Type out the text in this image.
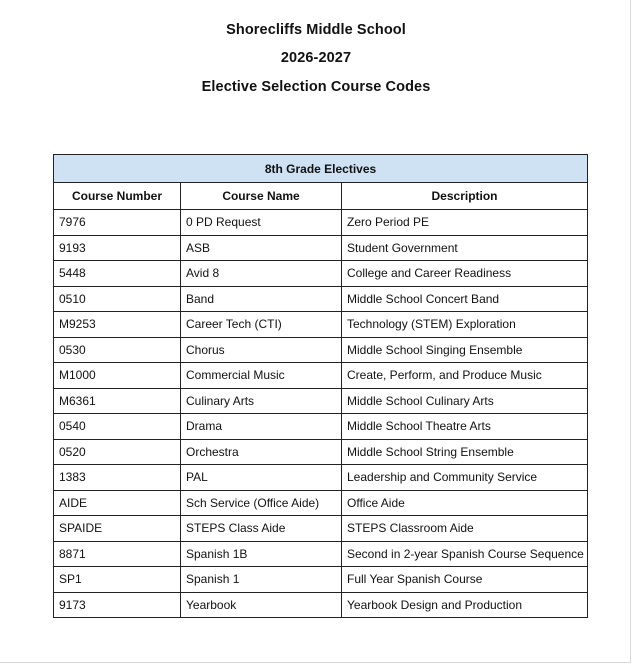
Shorecliffs Middle School
2026-2027
Elective Selection Course Codes
8th Grade Electives		
Course Number	Course Name	Description
7976	0 PD Request	Zero Period PE
9193	ASB	Student Government
5448	Avid 8	College and Career Readiness
0510	Band	Middle School Concert Band
M9253	Career Tech (CTI)	Technology (STEM) Exploration
0530	Chorus	Middle School Singing Ensemble
M1000	Commercial Music	Create, Perform, and Produce Music
M6361	Culinary Arts	Middle School Culinary Arts
0540	Drama	Middle School Theatre Arts
0520	Orchestra	Middle School String Ensemble
1383	PAL	Leadership and Community Service
AIDE	Sch Service (Office Aide)	Office Aide
SPAIDE	STEPS Class Aide	STEPS Classroom Aide
8871	Spanish 1B	Second in 2-year Spanish Course Sequence
SP1	Spanish 1	Full Year Spanish Course
9173	Yearbook	Yearbook Design and Production
